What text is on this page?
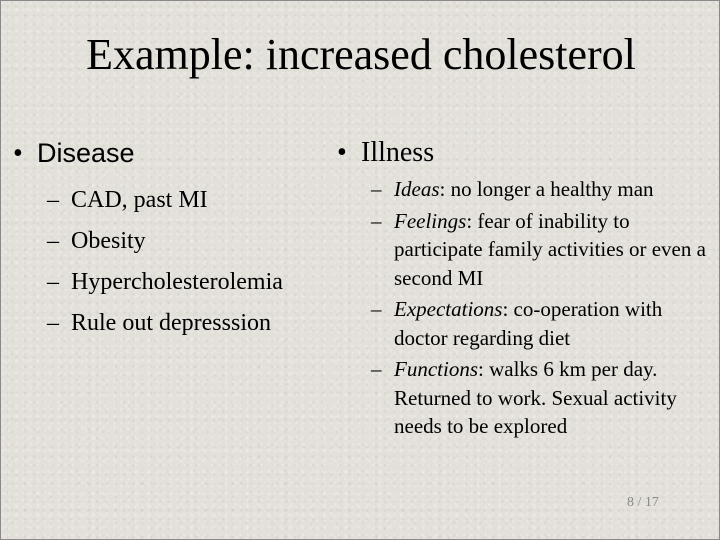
Example: increased cholesterol
• Disease
– CAD, past MI
– Obesity
– Hypercholesterolemia
– Rule out depresssion
• Illness
– Ideas: no longer a healthy man
– Feelings: fear of inability to participate family activities or even a second MI
– Expectations: co-operation with doctor regarding diet
– Functions: walks 6 km per day. Returned to work. Sexual activity needs to be explored
8 / 17
